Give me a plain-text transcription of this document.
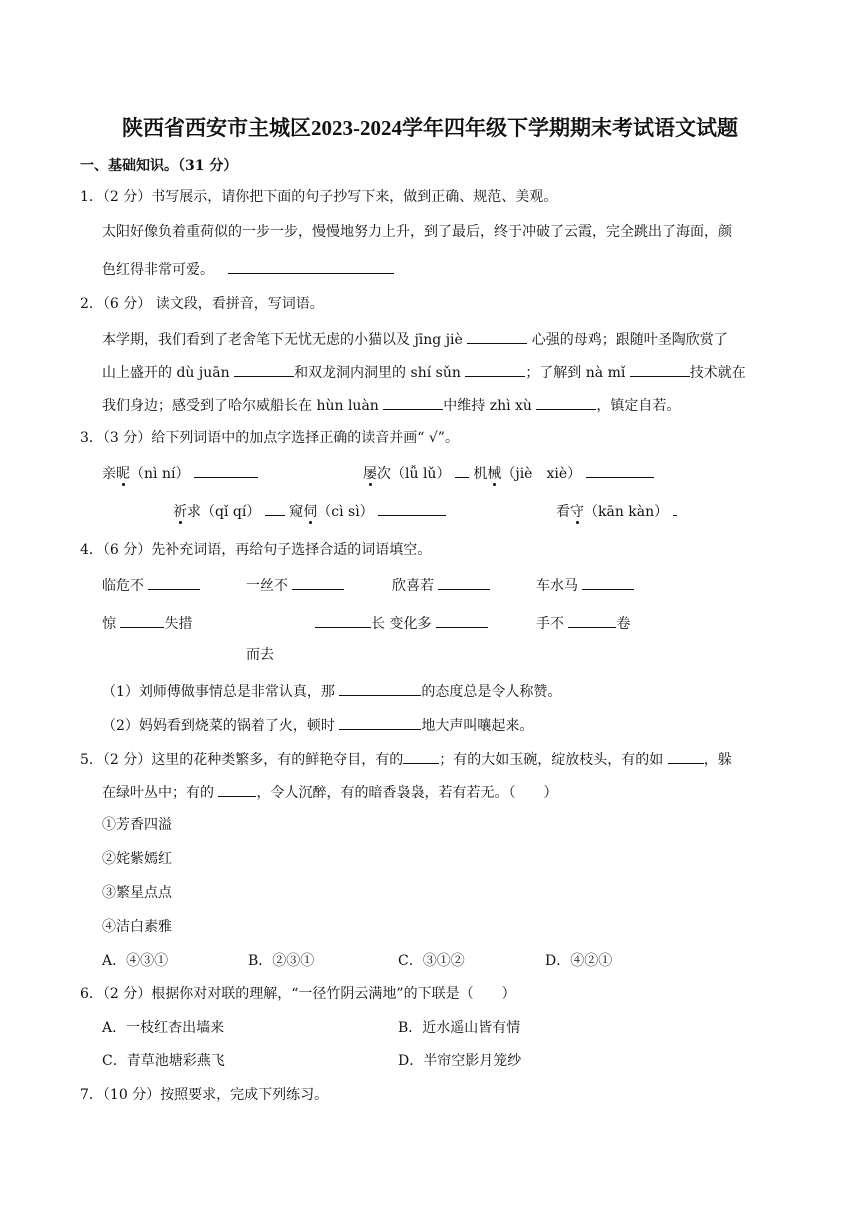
陕西省西安市主城区2023-2024学年四年级下学期期末考试语文试题
一、基础知识。（31 分）
1．（2 分）书写展示，请你把下面的句子抄写下来，做到正确、规范、美观。
太阳好像负着重荷似的一步一步，慢慢地努力上升，到了最后，终于冲破了云霞，完全跳出了海面，颜
色红得非常可爱。
2．（6 分） 读文段，看拼音，写词语。
本学期，我们看到了老舍笔下无忧无虑的小猫以及 jīng jiè	心强的母鸡；跟随叶圣陶欣赏了
山上盛开的 dù juān	和双龙洞内洞里的 shí sǔn	；了解到 nà mǐ	技术就在
我们身边；感受到了哈尔威船长在 hùn luàn	中维持 zhì xù	，镇定自若。
3．（3 分）给下列词语中的加点字选择正确的读音并画“ √”。
亲昵（nì ní）	屡次（lǚ lǔ） 机械（jiè　xiè）
祈求（qǐ qí） 窥伺（cì sì）	看守（kān kàn）
4．（6 分）先补充词语，再给句子选择合适的词语填空。
临危不	一丝不	欣喜若	车水马
惊	失措	长 变化多	手不	卷
而去
（1）刘师傅做事情总是非常认真，那	的态度总是令人称赞。
（2）妈妈看到烧菜的锅着了火，顿时	地大声叫嚷起来。
5．（2 分）这里的花种类繁多，有的鲜艳夺目，有的	；有的大如玉碗，绽放枝头，有的如	，躲
在绿叶丛中；有的	，令人沉醉，有的暗香袅袅，若有若无。（　　）
①芳香四溢
②姹紫嫣红
③繁星点点
④洁白素雅
A．④③①	B．②③①	C．③①②	D．④②①
6．（2 分）根据你对对联的理解，“一径竹阴云满地”的下联是（　　）
A．一枝红杏出墙来	B．近水遥山皆有情
C．青草池塘彩燕飞	D．半帘空影月笼纱
7．（10 分）按照要求，完成下列练习。
